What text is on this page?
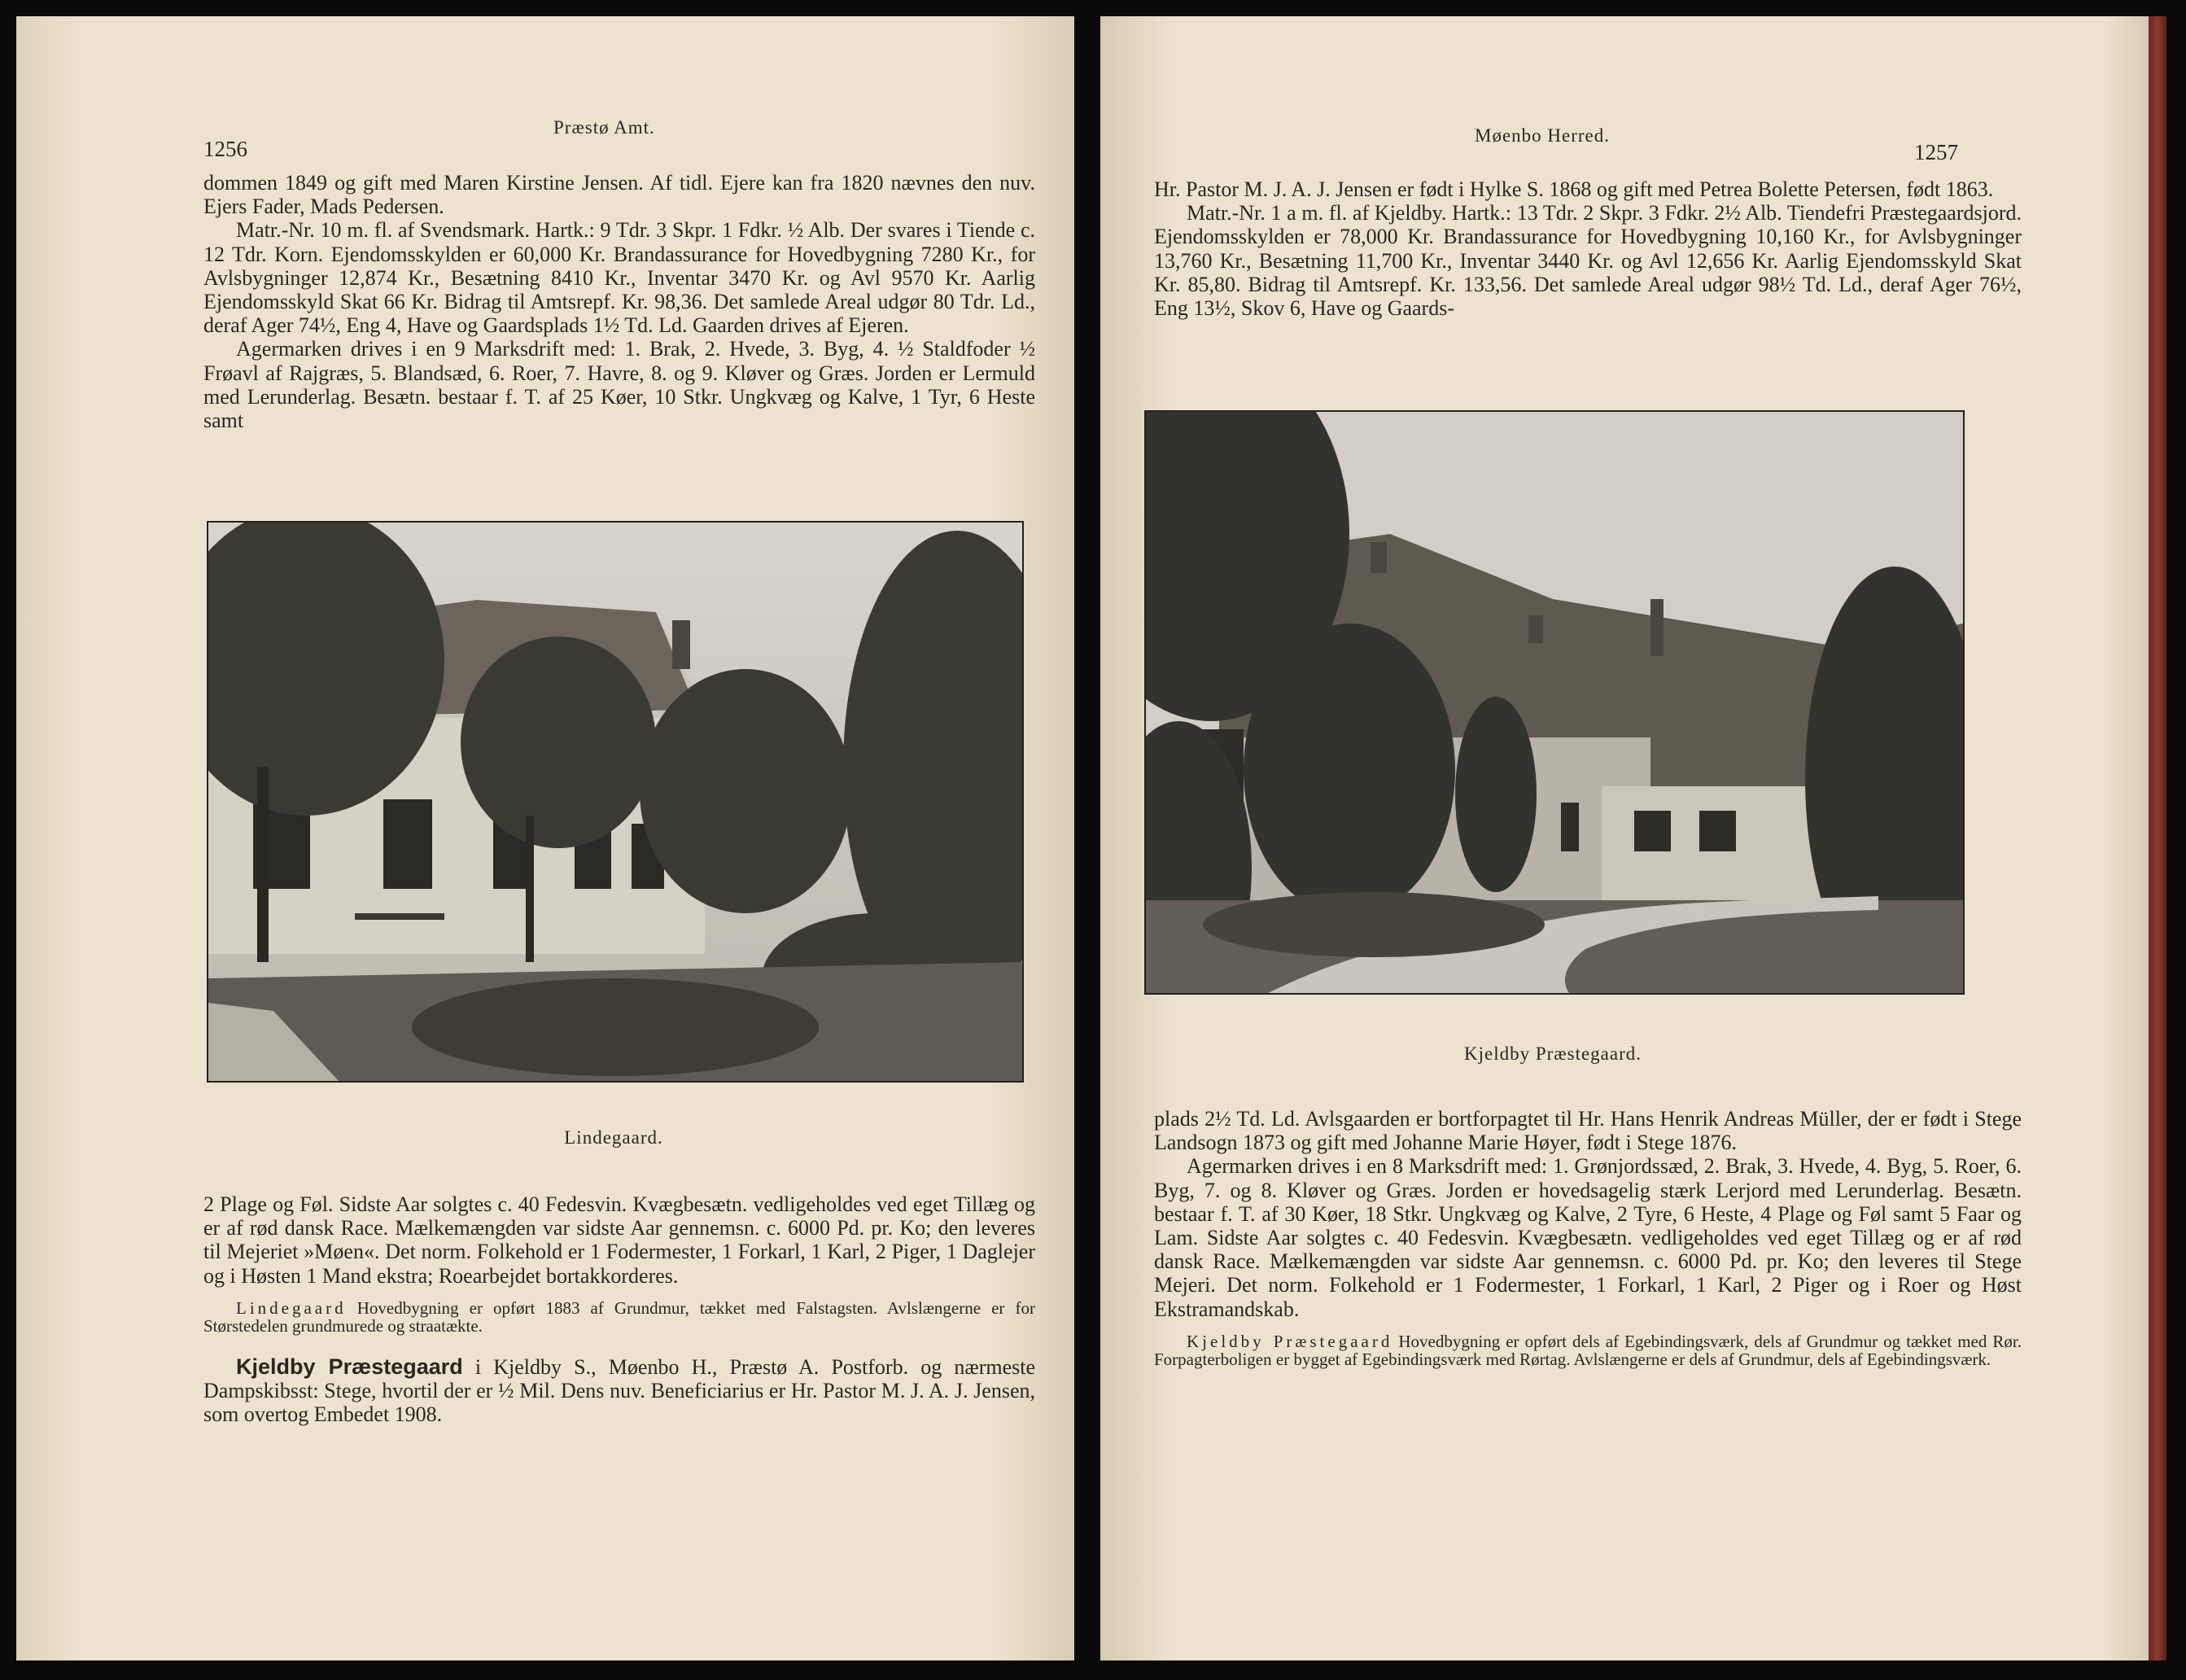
1256
Præstø Amt.

dommen 1849 og gift med Maren Kirstine Jensen. Af tidl. Ejere kan fra 1820 nævnes den nuv. Ejers Fader, Mads Pedersen.

Matr.-Nr. 10 m. fl. af Svendsmark. Hartk.: 9 Tdr. 3 Skpr. 1 Fdkr. ½ Alb. Der svares i Tiende c. 12 Tdr. Korn. Ejendomsskylden er 60,000 Kr. Brandassurance for Hovedbygning 7280 Kr., for Avlsbygninger 12,874 Kr., Besætning 8410 Kr., Inventar 3470 Kr. og Avl 9570 Kr. Aarlig Ejendomsskyld Skat 66 Kr. Bidrag til Amtsrepf. Kr. 98,36. Det samlede Areal udgør 80 Tdr. Ld., deraf Ager 74½, Eng 4, Have og Gaardsplads 1½ Td. Ld. Gaarden drives af Ejeren.

Agermarken drives i en 9 Marksdrift med: 1. Brak, 2. Hvede, 3. Byg, 4. ½ Staldfoder ½ Frøavl af Rajgræs, 5. Blandsæd, 6. Roer, 7. Havre, 8. og 9. Kløver og Græs. Jorden er Lermuld med Lerunderlag. Besætn. bestaar f. T. af 25 Køer, 10 Stkr. Ungkvæg og Kalve, 1 Tyr, 6 Heste samt

Lindegaard.

2 Plage og Føl. Sidste Aar solgtes c. 40 Fedesvin. Kvægbesætn. vedligeholdes ved eget Tillæg og er af rød dansk Race. Mælkemængden var sidste Aar gennemsn. c. 6000 Pd. pr. Ko; den leveres til Mejeriet »Møen«. Det norm. Folkehold er 1 Fodermester, 1 Forkarl, 1 Karl, 2 Piger, 1 Daglejer og i Høsten 1 Mand ekstra; Roearbejdet bortakkorderes.

Lindegaard Hovedbygning er opført 1883 af Grundmur, tækket med Falstagsten. Avlslængerne er for Størstedelen grundmurede og straatækte.

Kjeldby Præstegaard i Kjeldby S., Møenbo H., Præstø A. Postforb. og nærmeste Dampskibsst: Stege, hvortil der er ½ Mil. Dens nuv. Beneficiarius er Hr. Pastor M. J. A. J. Jensen, som overtog Embedet 1908.

Møenbo Herred.
1257

Hr. Pastor M. J. A. J. Jensen er født i Hylke S. 1868 og gift med Petrea Bolette Petersen, født 1863.

Matr.-Nr. 1 a m. fl. af Kjeldby. Hartk.: 13 Tdr. 2 Skpr. 3 Fdkr. 2½ Alb. Tiendefri Præstegaardsjord. Ejendomsskylden er 78,000 Kr. Brandassurance for Hovedbygning 10,160 Kr., for Avlsbygninger 13,760 Kr., Besætning 11,700 Kr., Inventar 3440 Kr. og Avl 12,656 Kr. Aarlig Ejendomsskyld Skat Kr. 85,80. Bidrag til Amtsrepf. Kr. 133,56. Det samlede Areal udgør 98½ Td. Ld., deraf Ager 76½, Eng 13½, Skov 6, Have og Gaards-

Kjeldby Præstegaard.

plads 2½ Td. Ld. Avlsgaarden er bortforpagtet til Hr. Hans Henrik Andreas Müller, der er født i Stege Landsogn 1873 og gift med Johanne Marie Høyer, født i Stege 1876.

Agermarken drives i en 8 Marksdrift med: 1. Grønjordssæd, 2. Brak, 3. Hvede, 4. Byg, 5. Roer, 6. Byg, 7. og 8. Kløver og Græs. Jorden er hovedsagelig stærk Lerjord med Lerunderlag. Besætn. bestaar f. T. af 30 Køer, 18 Stkr. Ungkvæg og Kalve, 2 Tyre, 6 Heste, 4 Plage og Føl samt 5 Faar og Lam. Sidste Aar solgtes c. 40 Fedesvin. Kvægbesætn. vedligeholdes ved eget Tillæg og er af rød dansk Race. Mælkemængden var sidste Aar gennemsn. c. 6000 Pd. pr. Ko; den leveres til Stege Mejeri. Det norm. Folkehold er 1 Fodermester, 1 Forkarl, 1 Karl, 2 Piger og i Roer og Høst Ekstramandskab.

Kjeldby Præstegaard Hovedbygning er opført dels af Egebindingsværk, dels af Grundmur og tækket med Rør. Forpagterboligen er bygget af Egebindingsværk med Rørtag. Avlslængerne er dels af Grundmur, dels af Egebindingsværk.
